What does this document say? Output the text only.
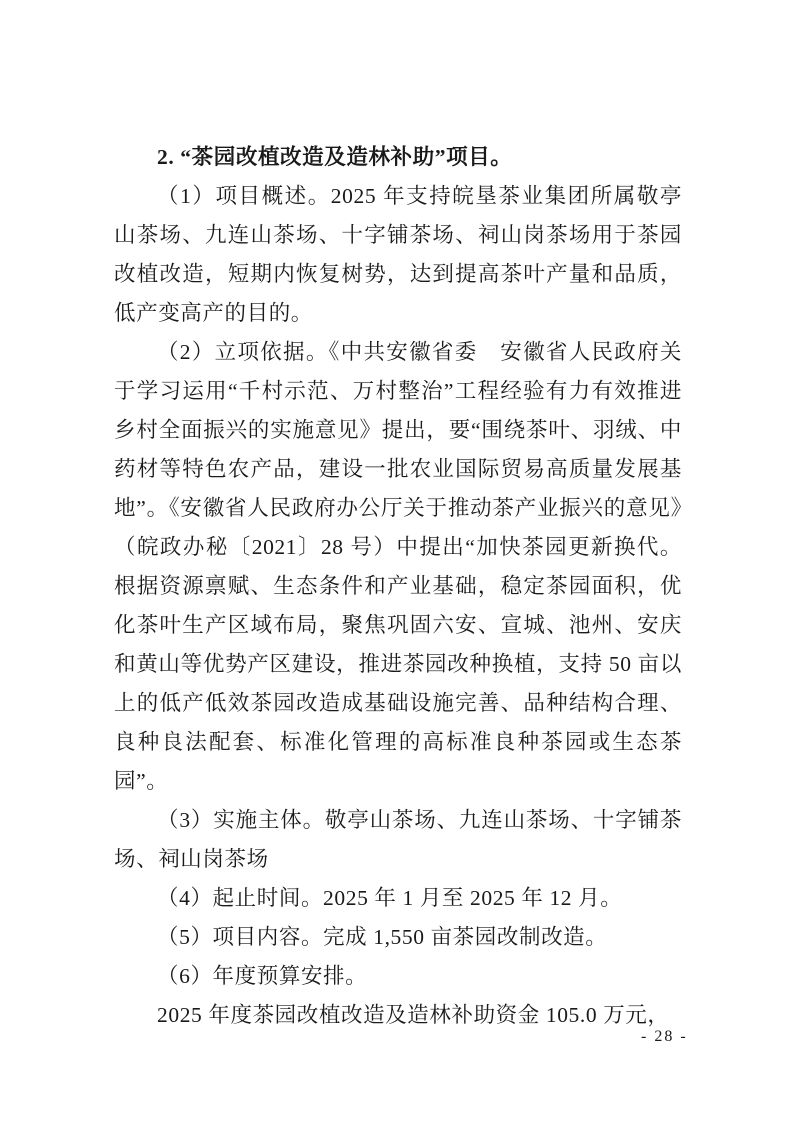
2. “茶园改植改造及造林补助”项目。

（1）项目概述。2025 年支持皖垦茶业集团所属敬亭山茶场、九连山茶场、十字铺茶场、祠山岗茶场用于茶园改植改造，短期内恢复树势，达到提高茶叶产量和品质，低产变高产的目的。

（2）立项依据。《中共安徽省委　安徽省人民政府关于学习运用“千村示范、万村整治”工程经验有力有效推进乡村全面振兴的实施意见》提出，要“围绕茶叶、羽绒、中药材等特色农产品，建设一批农业国际贸易高质量发展基地”。《安徽省人民政府办公厅关于推动茶产业振兴的意见》（皖政办秘〔2021〕28 号）中提出“加快茶园更新换代。根据资源禀赋、生态条件和产业基础，稳定茶园面积，优化茶叶生产区域布局，聚焦巩固六安、宣城、池州、安庆和黄山等优势产区建设，推进茶园改种换植，支持 50 亩以上的低产低效茶园改造成基础设施完善、品种结构合理、良种良法配套、标准化管理的高标准良种茶园或生态茶园”。

（3）实施主体。敬亭山茶场、九连山茶场、十字铺茶场、祠山岗茶场

（4）起止时间。2025 年 1 月至 2025 年 12 月。

（5）项目内容。完成 1,550 亩茶园改制改造。

（6）年度预算安排。

2025 年度茶园改植改造及造林补助资金 105.0 万元，

- 28 -
